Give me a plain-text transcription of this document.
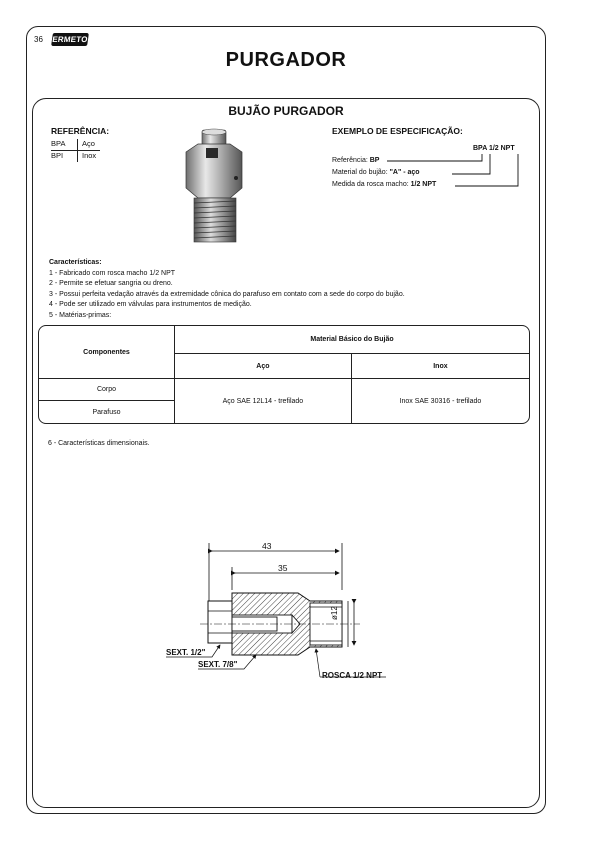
36 ERMETO
PURGADOR
BUJÃO PURGADOR
REFERÊNCIA:
BPA	Aço
BPI	Inox
EXEMPLO DE ESPECIFICAÇÃO:
BPA 1/2 NPT
Referência: BP
Material do bujão: "A" - aço
Medida da rosca macho: 1/2 NPT
Características:
1 - Fabricado com rosca macho 1/2 NPT
2 - Permite se efetuar sangria ou dreno.
3 - Possui perfeita vedação através da extremidade cônica do parafuso em contato com a sede do corpo do bujão.
4 - Pode ser utilizado em válvulas para instrumentos de medição.
5 - Matérias-primas:
Componentes	Material Básico do Bujão	
	Aço	Inox
Corpo	Aço SAE 12L14 - trefilado	Inox SAE 30316 - trefilado
Parafuso		
6 - Características dimensionais.
43
35
ø12
SEXT. 1/2"
SEXT. 7/8"
ROSCA 1/2 NPT
